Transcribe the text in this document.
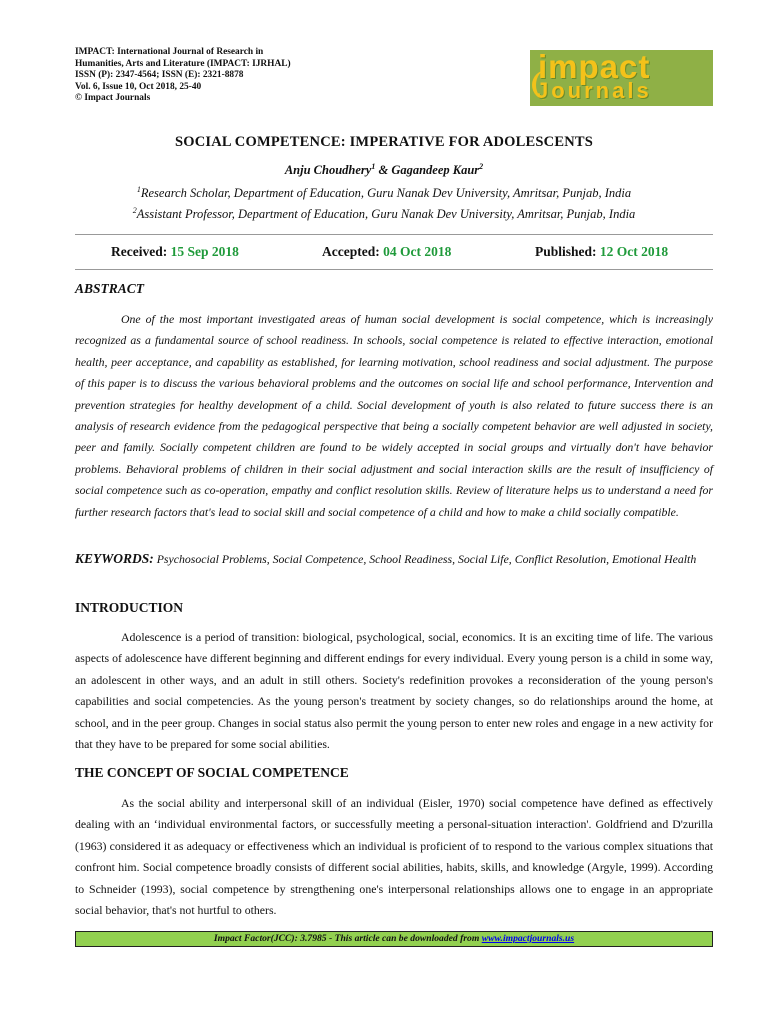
IMPACT: International Journal of Research in
Humanities, Arts and Literature (IMPACT: IJRHAL)
ISSN (P): 2347-4564; ISSN (E): 2321-8878
Vol. 6, Issue 10, Oct 2018, 25-40
© Impact Journals
impact
Journals
SOCIAL COMPETENCE: IMPERATIVE FOR ADOLESCENTS
Anju Choudhery$^1$ & Gagandeep Kaur$^2$
$^1$Research Scholar, Department of Education, Guru Nanak Dev University, Amritsar, Punjab, India
$^2$Assistant Professor, Department of Education, Guru Nanak Dev University, Amritsar, Punjab, India
Received: 15 Sep 2018	Accepted: 04 Oct 2018	Published: 12 Oct 2018
ABSTRACT
One of the most important investigated areas of human social development is social competence, which is increasingly recognized as a fundamental source of school readiness. In schools, social competence is related to effective interaction, emotional health, peer acceptance, and capability as established, for learning motivation, school readiness and social adjustment. The purpose of this paper is to discuss the various behavioral problems and the outcomes on social life and school performance, Intervention and prevention strategies for healthy development of a child. Social development of youth is also related to future success there is an analysis of research evidence from the pedagogical perspective that being a socially competent behavior are well adjusted in society, peer and family. Socially competent children are found to be widely accepted in social groups and virtually don't have behavior problems. Behavioral problems of children in their social adjustment and social interaction skills are the result of insufficiency of social competence such as co-operation, empathy and conflict resolution skills. Review of literature helps us to understand a need for further research factors that's lead to social skill and social competence of a child and how to make a child socially compatible.
KEYWORDS: Psychosocial Problems, Social Competence, School Readiness, Social Life, Conflict Resolution, Emotional Health
INTRODUCTION
Adolescence is a period of transition: biological, psychological, social, economics. It is an exciting time of life. The various aspects of adolescence have different beginning and different endings for every individual. Every young person is a child in some way, an adolescent in other ways, and an adult in still others. Society's redefinition provokes a reconsideration of the young person's capabilities and social competencies. As the young person's treatment by society changes, so do relationships around the home, at school, and in the peer group. Changes in social status also permit the young person to enter new roles and engage in a new activity for that they have to be prepared for some social abilities.
THE CONCEPT OF SOCIAL COMPETENCE
As the social ability and interpersonal skill of an individual (Eisler, 1970) social competence have defined as effectively dealing with an ‘individual environmental factors, or successfully meeting a personal-situation interaction'. Goldfriend and D'zurilla (1963) considered it as adequacy or effectiveness which an individual is proficient of to respond to the various complex situations that confront him. Social competence broadly consists of different social abilities, habits, skills, and knowledge (Argyle, 1999). According to Schneider (1993), social competence by strengthening one's interpersonal relationships allows one to engage in an appropriate social behavior, that's not hurtful to others.
Impact Factor(JCC): 3.7985 - This article can be downloaded from www.impactjournals.us
